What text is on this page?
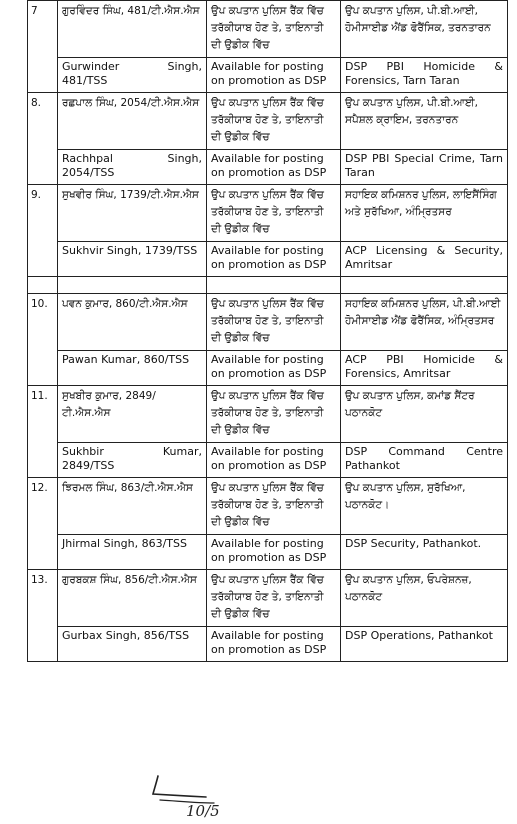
7	ਗੁਰਵਿੰਦਰ ਸਿੰਘ, 481/ਟੀ.ਐਸ.ਐਸ	ਉਪ ਕਪਤਾਨ ਪੁਲਿਸ ਰੈਂਕ ਵਿੱਚ ਤਰੱਕੀਯਾਬ ਹੋਣ ਤੇ, ਤਾਇਨਾਤੀ ਦੀ ਉਡੀਕ ਵਿੱਚ	ਉਪ ਕਪਤਾਨ ਪੁਲਿਸ, ਪੀ.ਬੀ.ਆਈ, ਹੋਮੀਸਾਈਡ ਐਂਡ ਫੋਰੈਂਸਿਕ, ਤਰਨਤਾਰਨ
	Gurwinder Singh, 481/TSS	Available for posting on promotion as DSP	DSP PBI Homicide & Forensics, Tarn Taran
8.	ਰਛਪਾਲ ਸਿੰਘ, 2054/ਟੀ.ਐਸ.ਐਸ	ਉਪ ਕਪਤਾਨ ਪੁਲਿਸ ਰੈਂਕ ਵਿੱਚ ਤਰੱਕੀਯਾਬ ਹੋਣ ਤੇ, ਤਾਇਨਾਤੀ ਦੀ ਉਡੀਕ ਵਿੱਚ	ਉਪ ਕਪਤਾਨ ਪੁਲਿਸ, ਪੀ.ਬੀ.ਆਈ, ਸਪੈਸ਼ਲ ਕ੍ਰਾਇਮ, ਤਰਨਤਾਰਨ
	Rachhpal Singh, 2054/TSS	Available for posting on promotion as DSP	DSP PBI Special Crime, Tarn Taran
9.	ਸੁਖਵੀਰ ਸਿੰਘ, 1739/ਟੀ.ਐਸ.ਐਸ	ਉਪ ਕਪਤਾਨ ਪੁਲਿਸ ਰੈਂਕ ਵਿੱਚ ਤਰੱਕੀਯਾਬ ਹੋਣ ਤੇ, ਤਾਇਨਾਤੀ ਦੀ ਉਡੀਕ ਵਿੱਚ	ਸਹਾਇਕ ਕਮਿਸ਼ਨਰ ਪੁਲਿਸ, ਲਾਇਸੈਂਸਿੰਗ ਅਤੇ ਸੁਰੱਖਿਆ, ਅੰਮ੍ਰਿਤਸਰ
	Sukhvir Singh, 1739/TSS	Available for posting on promotion as DSP	ACP Licensing & Security, Amritsar

10.	ਪਵਨ ਕੁਮਾਰ, 860/ਟੀ.ਐਸ.ਐਸ	ਉਪ ਕਪਤਾਨ ਪੁਲਿਸ ਰੈਂਕ ਵਿੱਚ ਤਰੱਕੀਯਾਬ ਹੋਣ ਤੇ, ਤਾਇਨਾਤੀ ਦੀ ਉਡੀਕ ਵਿੱਚ	ਸਹਾਇਕ ਕਮਿਸ਼ਨਰ ਪੁਲਿਸ, ਪੀ.ਬੀ.ਆਈ ਹੋਮੀਸਾਈਡ ਐਂਡ ਫੋਰੈਂਸਿਕ, ਅੰਮ੍ਰਿਤਸਰ
	Pawan Kumar, 860/TSS	Available for posting on promotion as DSP	ACP PBI Homicide & Forensics, Amritsar
11.	ਸੁਖਬੀਰ ਕੁਮਾਰ, 2849/ਟੀ.ਐਸ.ਐਸ	ਉਪ ਕਪਤਾਨ ਪੁਲਿਸ ਰੈਂਕ ਵਿੱਚ ਤਰੱਕੀਯਾਬ ਹੋਣ ਤੇ, ਤਾਇਨਾਤੀ ਦੀ ਉਡੀਕ ਵਿੱਚ	ਉਪ ਕਪਤਾਨ ਪੁਲਿਸ, ਕਮਾਂਡ ਸੈਂਟਰ ਪਠਾਨਕੋਟ
	Sukhbir Kumar, 2849/TSS	Available for posting on promotion as DSP	DSP Command Centre Pathankot
12.	ਝਿਰਮਲ ਸਿੰਘ, 863/ਟੀ.ਐਸ.ਐਸ	ਉਪ ਕਪਤਾਨ ਪੁਲਿਸ ਰੈਂਕ ਵਿੱਚ ਤਰੱਕੀਯਾਬ ਹੋਣ ਤੇ, ਤਾਇਨਾਤੀ ਦੀ ਉਡੀਕ ਵਿੱਚ	ਉਪ ਕਪਤਾਨ ਪੁਲਿਸ, ਸੁਰੱਖਿਆ, ਪਠਾਨਕੋਟ।
	Jhirmal Singh, 863/TSS	Available for posting on promotion as DSP	DSP Security, Pathankot.
13.	ਗੁਰਬਕਸ਼ ਸਿੰਘ, 856/ਟੀ.ਐਸ.ਐਸ	ਉਪ ਕਪਤਾਨ ਪੁਲਿਸ ਰੈਂਕ ਵਿੱਚ ਤਰੱਕੀਯਾਬ ਹੋਣ ਤੇ, ਤਾਇਨਾਤੀ ਦੀ ਉਡੀਕ ਵਿੱਚ	ਉਪ ਕਪਤਾਨ ਪੁਲਿਸ, ਓਪਰੇਸ਼ਨਜ਼, ਪਠਾਨਕੋਟ
	Gurbax Singh, 856/TSS	Available for posting on promotion as DSP	DSP Operations, Pathankot
10/5
